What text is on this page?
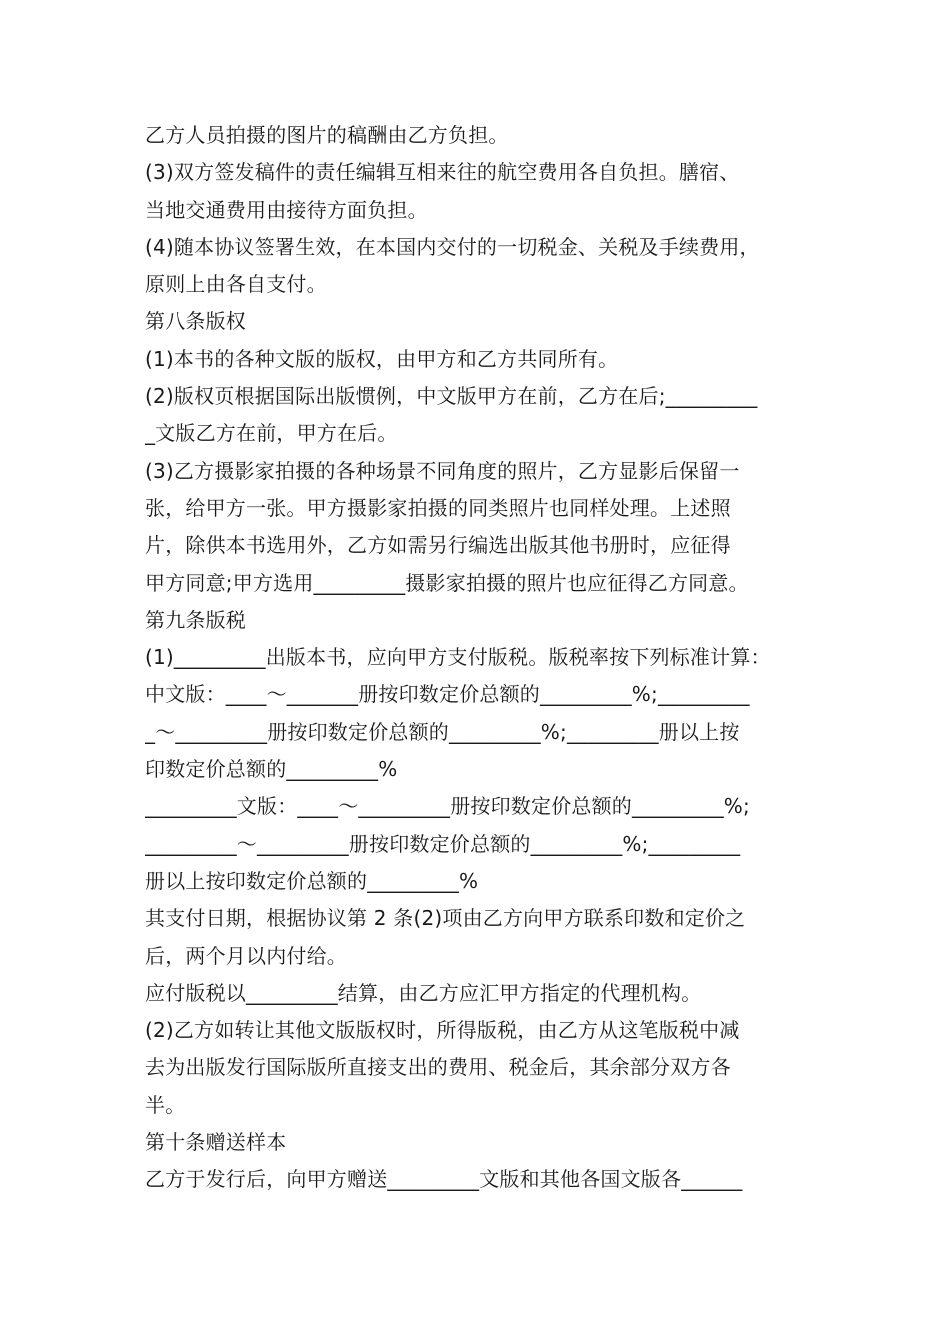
乙方人员拍摄的图片的稿酬由乙方负担。
(3)双方签发稿件的责任编辑互相来往的航空费用各自负担。膳宿、
当地交通费用由接待方面负担。
(4)随本协议签署生效，在本国内交付的一切税金、关税及手续费用，
原则上由各自支付。
第八条版权
(1)本书的各种文版的版权，由甲方和乙方共同所有。
(2)版权页根据国际出版惯例，中文版甲方在前，乙方在后;_________
_文版乙方在前，甲方在后。
(3)乙方摄影家拍摄的各种场景不同角度的照片，乙方显影后保留一
张，给甲方一张。甲方摄影家拍摄的同类照片也同样处理。上述照
片，除供本书选用外，乙方如需另行编选出版其他书册时，应征得
甲方同意;甲方选用_________摄影家拍摄的照片也应征得乙方同意。
第九条版税
(1)_________出版本书，应向甲方支付版税。版税率按下列标准计算：
中文版：____～_______册按印数定价总额的_________%;_________
_～_________册按印数定价总额的_________%;_________册以上按
印数定价总额的_________%
_________文版：____～_________册按印数定价总额的_________%;
_________～_________册按印数定价总额的_________%;_________
册以上按印数定价总额的_________%
其支付日期，根据协议第 2 条(2)项由乙方向甲方联系印数和定价之
后，两个月以内付给。
应付版税以_________结算，由乙方应汇甲方指定的代理机构。
(2)乙方如转让其他文版版权时，所得版税，由乙方从这笔版税中减
去为出版发行国际版所直接支出的费用、税金后，其余部分双方各
半。
第十条赠送样本
乙方于发行后，向甲方赠送_________文版和其他各国文版各______
